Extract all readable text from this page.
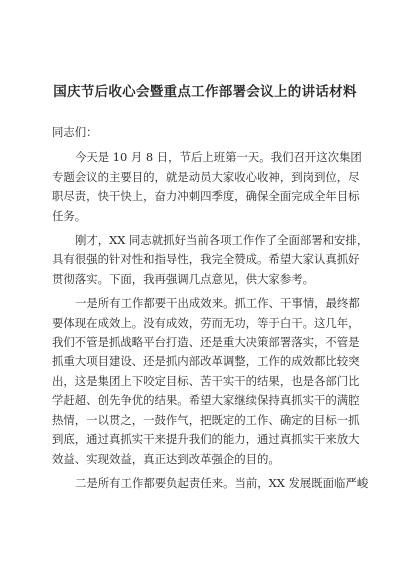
国庆节后收心会暨重点工作部署会议上的讲话材料
同志们：
今天是 10 月 8 日，节后上班第一天。我们召开这次集团
专题会议的主要目的，就是动员大家收心收神，到岗到位，尽
职尽责，快干快上，奋力冲刺四季度，确保全面完成全年目标
任务。
刚才，XX 同志就抓好当前各项工作作了全面部署和安排，
具有很强的针对性和指导性，我完全赞成。希望大家认真抓好
贯彻落实。下面，我再强调几点意见，供大家参考。
一是所有工作都要干出成效来。抓工作、干事情，最终都
要体现在成效上。没有成效，劳而无功，等于白干。这几年，
我们不管是抓战略平台打造、还是重大决策部署落实，不管是
抓重大项目建设、还是抓内部改革调整，工作的成效都比较突
出，这是集团上下咬定目标、苦干实干的结果，也是各部门比
学赶超、创先争优的结果。希望大家继续保持真抓实干的满腔
热情，一以贯之，一鼓作气，把既定的工作、确定的目标一抓
到底，通过真抓实干来提升我们的能力，通过真抓实干来放大
效益、实现效益，真正达到改革强企的目的。
二是所有工作都要负起责任来。当前，XX 发展既面临严峻
